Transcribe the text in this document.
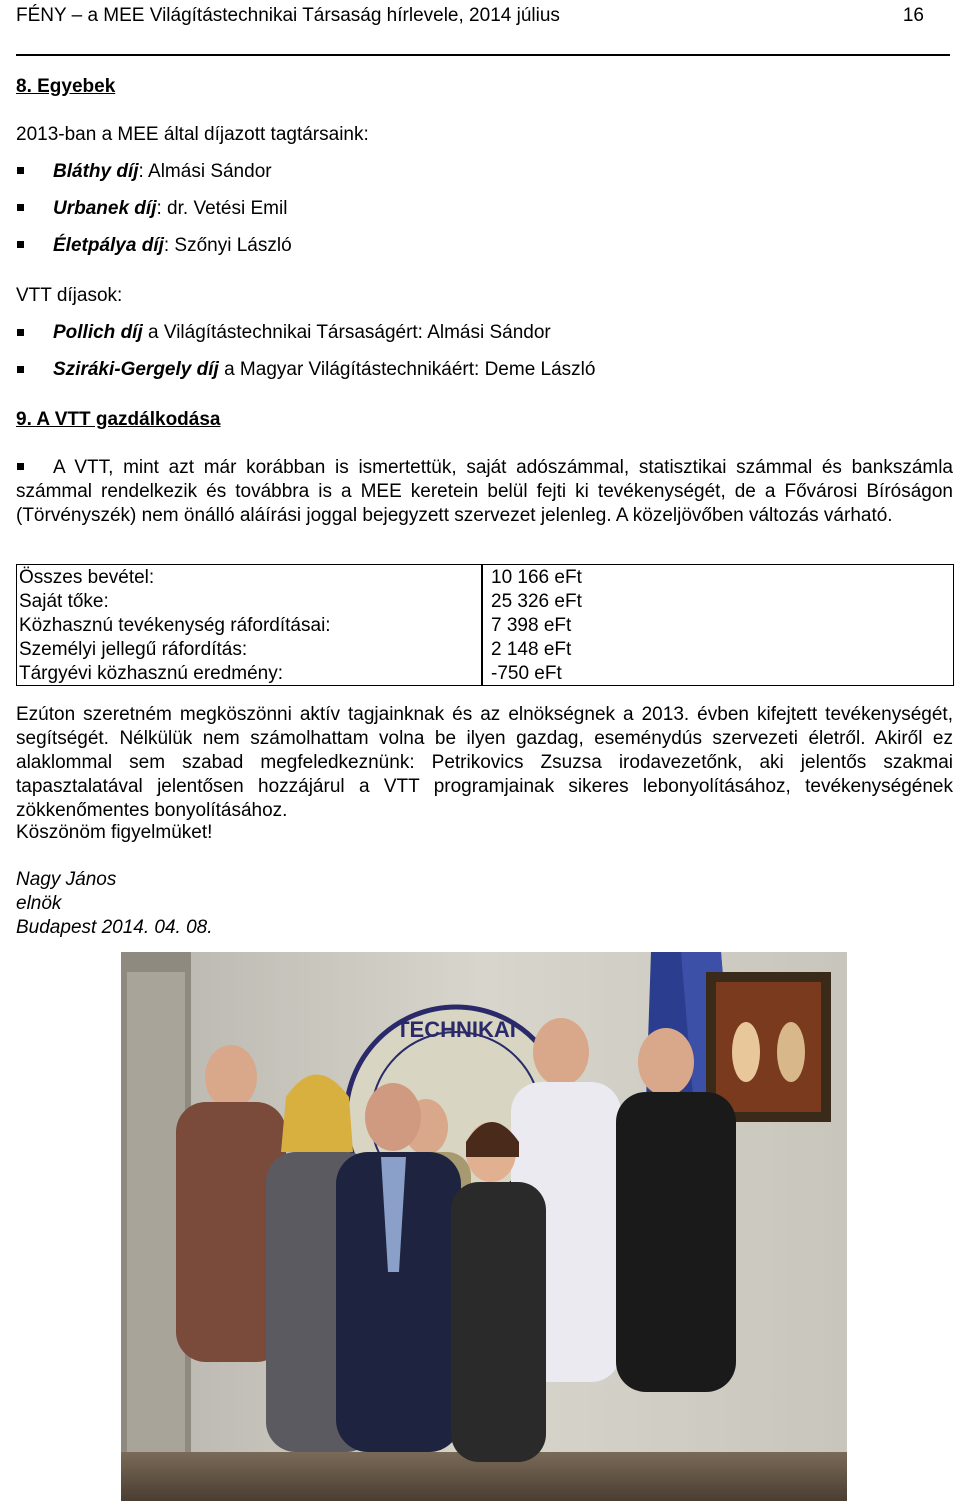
FÉNY – a MEE Világítástechnikai Társaság hírlevele, 2014 július	16
8. Egyebek
2013-ban a MEE által díjazott tagtársaink:
Bláthy díj: Almási Sándor
Urbanek díj: dr. Vetési Emil
Életpálya díj: Szőnyi László
VTT díjasok:
Pollich díj a Világítástechnikai Társaságért: Almási Sándor
Sziráki-Gergely díj a Magyar Világítástechnikáért: Deme László
9. A VTT gazdálkodása
A VTT, mint azt már korábban is ismertettük, saját adószámmal, statisztikai számmal és bankszámla számmal rendelkezik és továbbra is a MEE keretein belül fejti ki tevékenységét, de a Fővárosi Bíróságon (Törvényszék) nem önálló aláírási joggal bejegyzett szervezet jelenleg. A közeljövőben változás várható.
Összes bevétel:	10 166 eFt
Saját tőke:	25 326 eFt
Közhasznú tevékenység ráfordításai:	7 398 eFt
Személyi jellegű ráfordítás:	2 148 eFt
Tárgyévi közhasznú eredmény:	-750 eFt
Ezúton szeretném megköszönni aktív tagjainknak és az elnökségnek a 2013. évben kifejtett tevékenységét, segítségét. Nélkülük nem számolhattam volna be ilyen gazdag, eseménydús szervezeti életről. Akiről ez alaklommal sem szabad megfeledkeznünk: Petrikovics Zsuzsa irodavezetőnk, aki jelentős szakmai tapasztalatával jelentősen hozzájárul a VTT programjainak sikeres lebonyolításához, tevékenységének zökkenőmentes bonyolításához.
Köszönöm figyelmüket!
Nagy János
elnök
Budapest 2014. 04. 08.
TECHNIKAI
